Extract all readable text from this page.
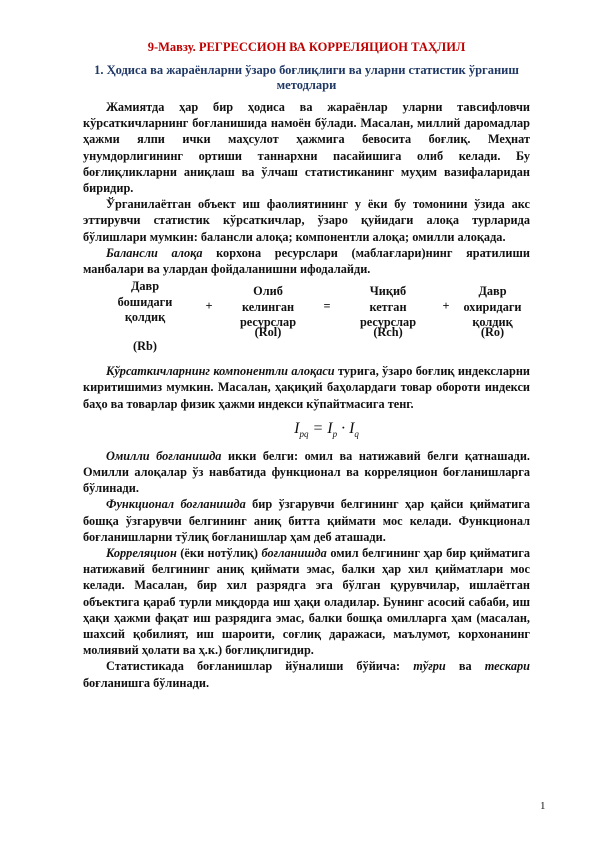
9-Мавзу. РЕГРЕССИОН ВА КОРРЕЛЯЦИОН ТАҲЛИЛ
1. Ҳодиса ва жараёнларни ўзаро боғлиқлиги ва уларни статистик ўрганиш методлари

Жамиятда ҳар бир ҳодиса ва жараёнлар уларни тавсифловчи кўрсаткичларнинг боғланишида намоён бўлади. Масалан, миллий даромадлар ҳажми ялпи ички маҳсулот ҳажмига бевосита боғлиқ. Меҳнат унумдорлигининг ортиши таннархни пасайишига олиб келади. Бу боғлиқликларни аниқлаш ва ўлчаш статистиканинг муҳим вазифаларидан биридир.

Ўрганилаётган объект иш фаолиятининг у ёки бу томонини ўзида акс эттирувчи статистик кўрсаткичлар, ўзаро қуйидаги алоқа турларида бўлишлари мумкин: балансли алоқа; компонентли алоқа; омилли алоқада.

Балансли алоқа корхона ресурслари (маблағлари)нинг яратилиши манбалари ва улардан фойдаланишни ифодалайди.

Давр
бошидаги
қолдиқ
(Rb)
+
Олиб
келинган
ресурслар
(Rol)
=
Чиқиб
кетган
ресурслар
(Rch)
+
Давр
охиридаги
қолдиқ
(Ro)

Кўрсаткичларнинг компонентли алоқаси турига, ўзаро боғлиқ индексларни киритишимиз мумкин. Масалан, ҳақиқий баҳолардаги товар обороти индекси баҳо ва товарлар физик ҳажми индекси кўпайтмасига тенг.

$I_{pq} = I_p \cdot I_q$

Омилли боғланишда икки белги: омил ва натижавий белги қатнашади. Омилли алоқалар ўз навбатида функционал ва корреляцион боғланишларга бўлинади.

Функционал боғланишда бир ўзгарувчи белгининг ҳар қайси қийматига бошқа ўзгарувчи белгининг аниқ битта қиймати мос келади. Функционал боғланишларни тўлиқ боғланишлар ҳам деб аташади.

Корреляцион (ёки нотўлиқ) боғланишда омил белгининг ҳар бир қийматига натижавий белгининг аниқ қиймати эмас, балки ҳар хил қийматлари мос келади. Масалан, бир хил разрядга эга бўлган қурувчилар, ишлаётган объектига қараб турли миқдорда иш ҳақи оладилар. Бунинг асосий сабаби, иш ҳақи ҳажми фақат иш разрядига эмас, балки бошқа омилларга ҳам (масалан, шахсий қобилият, иш шароити, соғлиқ даражаси, маълумот, корхонанинг молиявий ҳолати ва ҳ.к.) боғлиқлигидир.

Статистикада боғланишлар йўналиши бўйича: тўғри ва тескари боғланишга бўлинади.

1
